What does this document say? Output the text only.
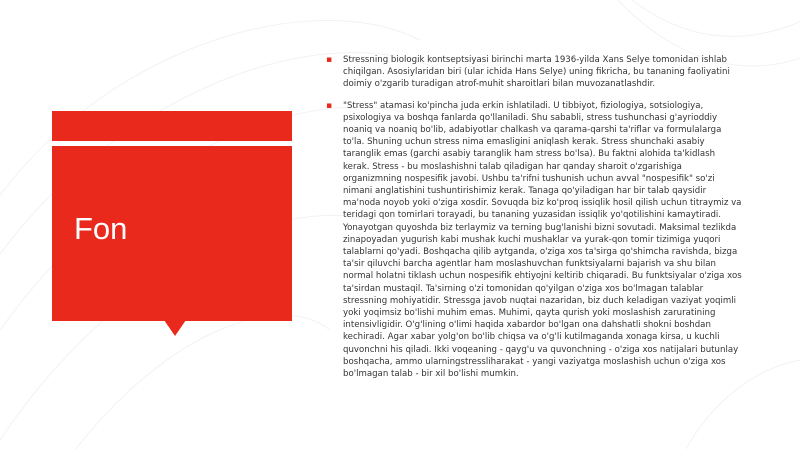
Fon
▪ Stressning biologik kontseptsiyasi birinchi marta 1936-yilda Xans Selye tomonidan ishlab chiqilgan. Asosiylaridan biri (ular ichida Hans Selye) uning fikricha, bu tananing faoliyatini doimiy o'zgarib turadigan atrof-muhit sharoitlari bilan muvozanatlashdir.
▪ "Stress" atamasi ko'pincha juda erkin ishlatiladi. U tibbiyot, fiziologiya, sotsiologiya, psixologiya va boshqa fanlarda qo'llaniladi. Shu sababli, stress tushunchasi g'ayrioddiy noaniq va noaniq bo'lib, adabiyotlar chalkash va qarama-qarshi ta'riflar va formulalarga to'la. Shuning uchun stress nima emasligini aniqlash kerak. Stress shunchaki asabiy taranglik emas (garchi asabiy taranglik ham stress bo'lsa). Bu faktni alohida ta'kidlash kerak. Stress - bu moslashishni talab qiladigan har qanday sharoit o'zgarishiga organizmning nospesifik javobi. Ushbu ta'rifni tushunish uchun avval "nospesifik" so'zi nimani anglatishini tushuntirishimiz kerak. Tanaga qo'yiladigan har bir talab qaysidir ma'noda noyob yoki o'ziga xosdir. Sovuqda biz ko'proq issiqlik hosil qilish uchun titraymiz va teridagi qon tomirlari torayadi, bu tananing yuzasidan issiqlik yo'qotilishini kamaytiradi. Yonayotgan quyoshda biz terlaymiz va terning bug'lanishi bizni sovutadi. Maksimal tezlikda zinapoyadan yugurish kabi mushak kuchi mushaklar va yurak-qon tomir tizimiga yuqori talablarni qo'yadi. Boshqacha qilib aytganda, o'ziga xos ta'sirga qo'shimcha ravishda, bizga ta'sir qiluvchi barcha agentlar ham moslashuvchan funktsiyalarni bajarish va shu bilan normal holatni tiklash uchun nospesifik ehtiyojni keltirib chiqaradi. Bu funktsiyalar o'ziga xos ta'sirdan mustaqil. Ta'sirning o'zi tomonidan qo'yilgan o'ziga xos bo'lmagan talablar stressning mohiyatidir. Stressga javob nuqtai nazaridan, biz duch keladigan vaziyat yoqimli yoki yoqimsiz bo'lishi muhim emas. Muhimi, qayta qurish yoki moslashish zaruratining intensivligidir. O'g'lining o'limi haqida xabardor bo'lgan ona dahshatli shokni boshdan kechiradi. Agar xabar yolg'on bo'lib chiqsa va o'g'li kutilmaganda xonaga kirsa, u kuchli quvonchni his qiladi. Ikki voqeaning - qayg'u va quvonchning - o'ziga xos natijalari butunlay boshqacha, ammo ularningstressliharakat - yangi vaziyatga moslashish uchun o'ziga xos bo'lmagan talab - bir xil bo'lishi mumkin.
